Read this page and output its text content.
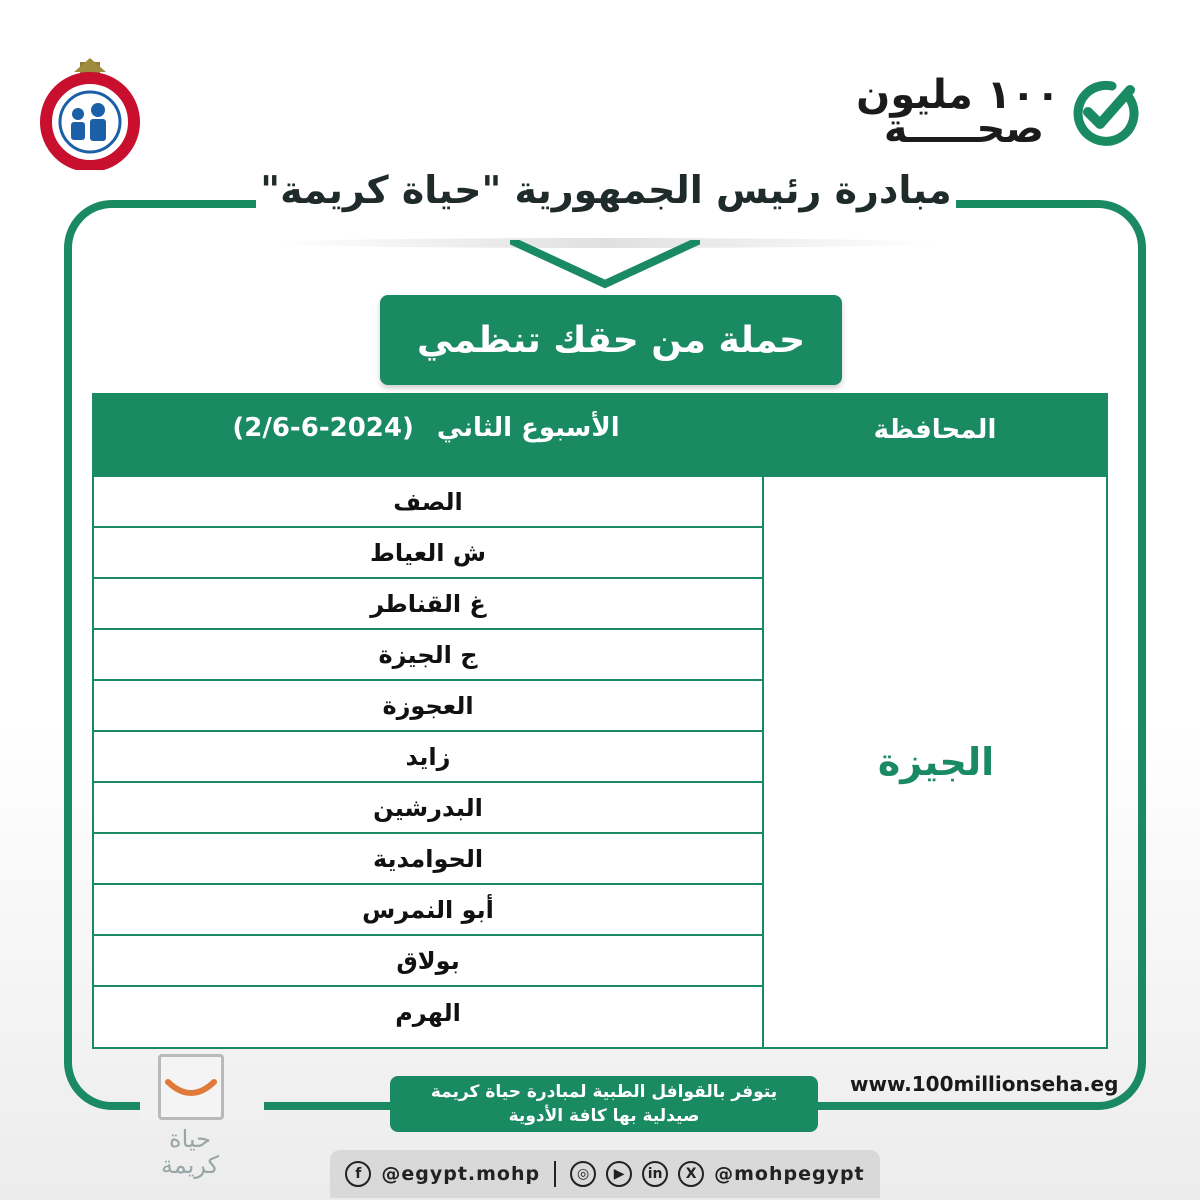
١٠٠ مليون
صحـــــة
مبادرة رئيس الجمهورية "حياة كريمة"
حملة من حقك تنظمي
(2/6-6-2024) الأسبوع الثاني	المحافظة
الصف
ش العياط
غ القناطر
ج الجيزة
العجوزة
زايد
البدرشين
الحوامدية
أبو النمرس
بولاق
الهرم
الجيزة
يتوفر بالقوافل الطبية لمبادرة حياة كريمة
صيدلية بها كافة الأدوية
www.100millionseha.eg
حياة كريمة	f	@egypt.mohp	◎	▶	in	X @mohpegypt
